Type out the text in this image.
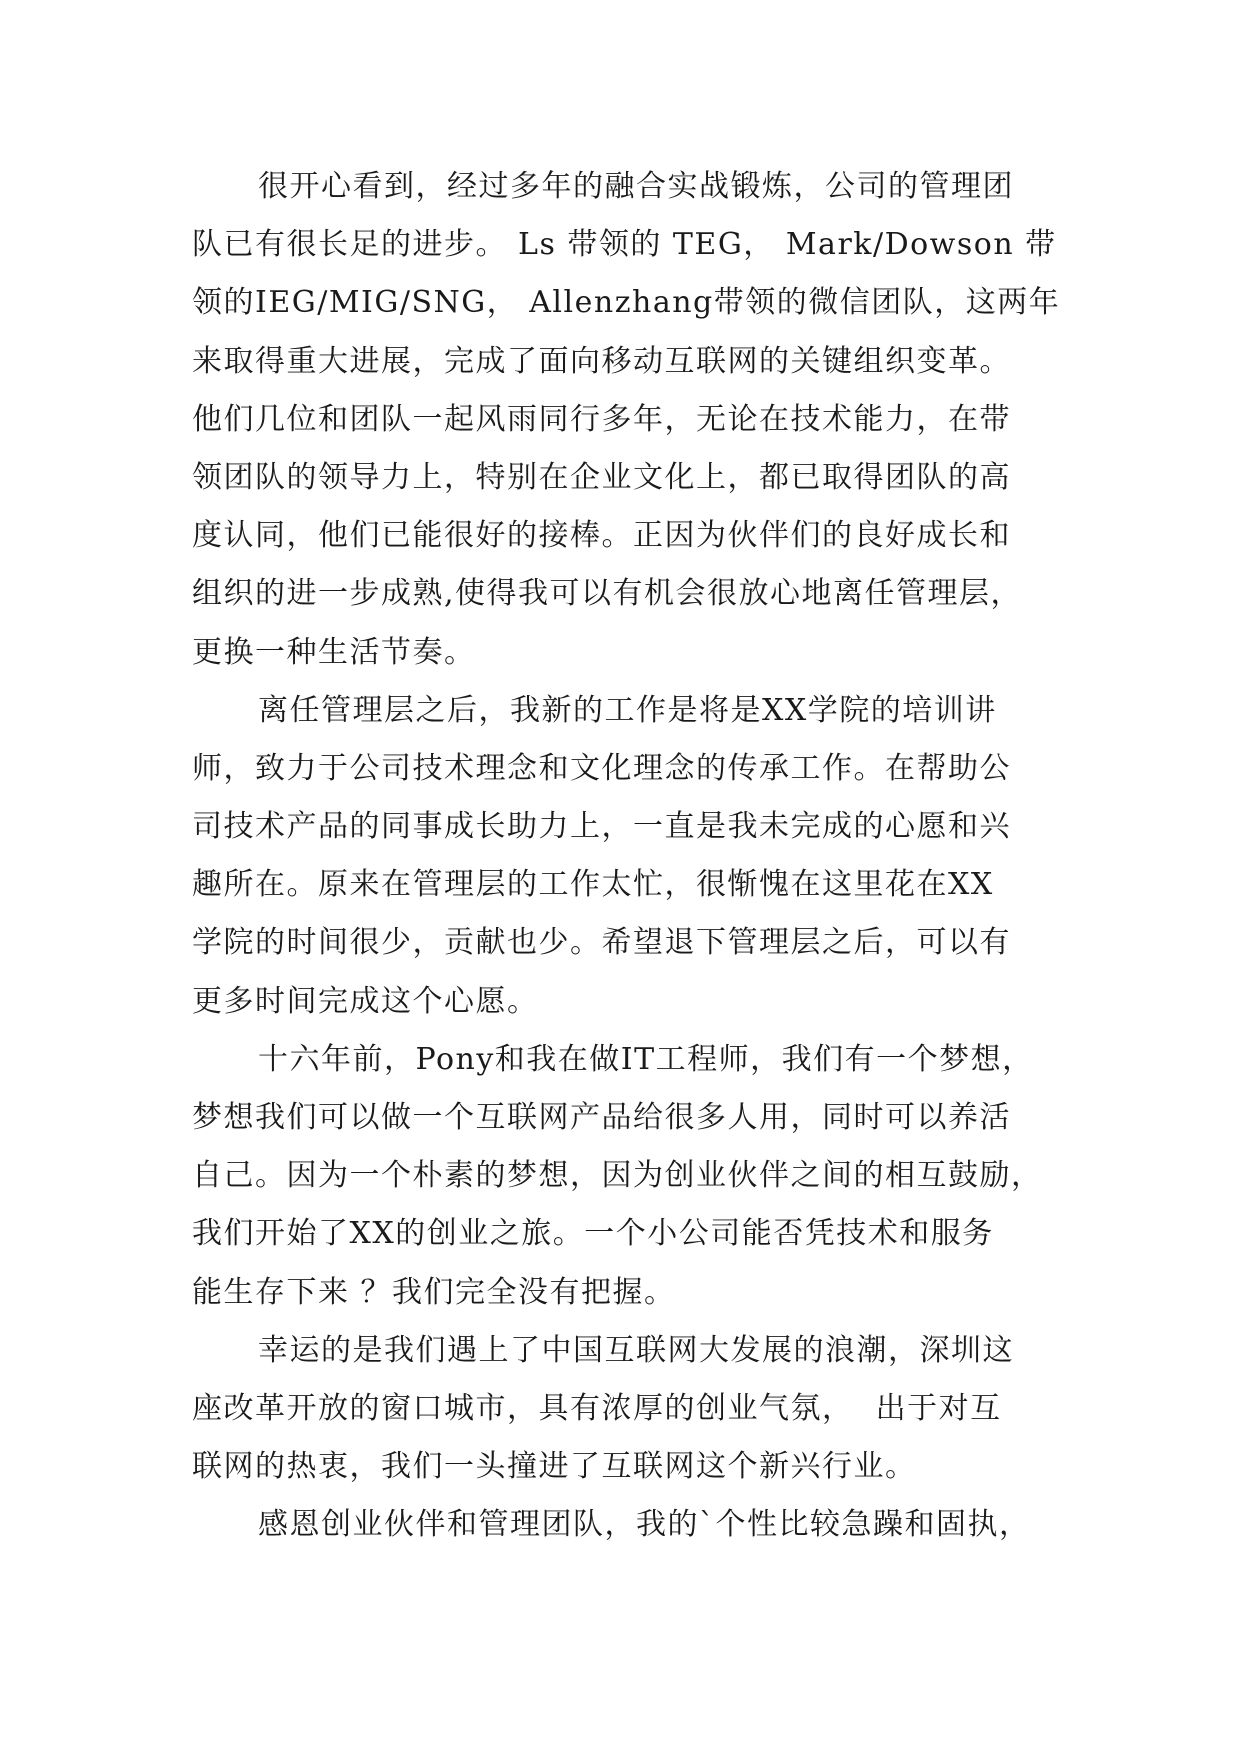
很开心看到，经过多年的融合实战锻炼，公司的管理团
队已有很长足的进步。 Ls 带领的 TEG， Mark/Dowson 带
领的IEG/MIG/SNG， Allenzhang带领的微信团队，这两年
来取得重大进展，完成了面向移动互联网的关键组织变革。
他们几位和团队一起风雨同行多年，无论在技术能力，在带
领团队的领导力上，特别在企业文化上，都已取得团队的高
度认同，他们已能很好的接棒。正因为伙伴们的良好成长和
组织的进一步成熟,使得我可以有机会很放心地离任管理层，
更换一种生活节奏。
离任管理层之后，我新的工作是将是XX学院的培训讲
师，致力于公司技术理念和文化理念的传承工作。在帮助公
司技术产品的同事成长助力上，一直是我未完成的心愿和兴
趣所在。原来在管理层的工作太忙，很惭愧在这里花在XX
学院的时间很少，贡献也少。希望退下管理层之后，可以有
更多时间完成这个心愿。
十六年前，Pony和我在做IT工程师，我们有一个梦想，
梦想我们可以做一个互联网产品给很多人用，同时可以养活
自己。因为一个朴素的梦想，因为创业伙伴之间的相互鼓励，
我们开始了XX的创业之旅。一个小公司能否凭技术和服务
能生存下来 ？我们完全没有把握。
幸运的是我们遇上了中国互联网大发展的浪潮，深圳这
座改革开放的窗口城市，具有浓厚的创业气氛，  出于对互
联网的热衷，我们一头撞进了互联网这个新兴行业。
感恩创业伙伴和管理团队，我的`个性比较急躁和固执，
